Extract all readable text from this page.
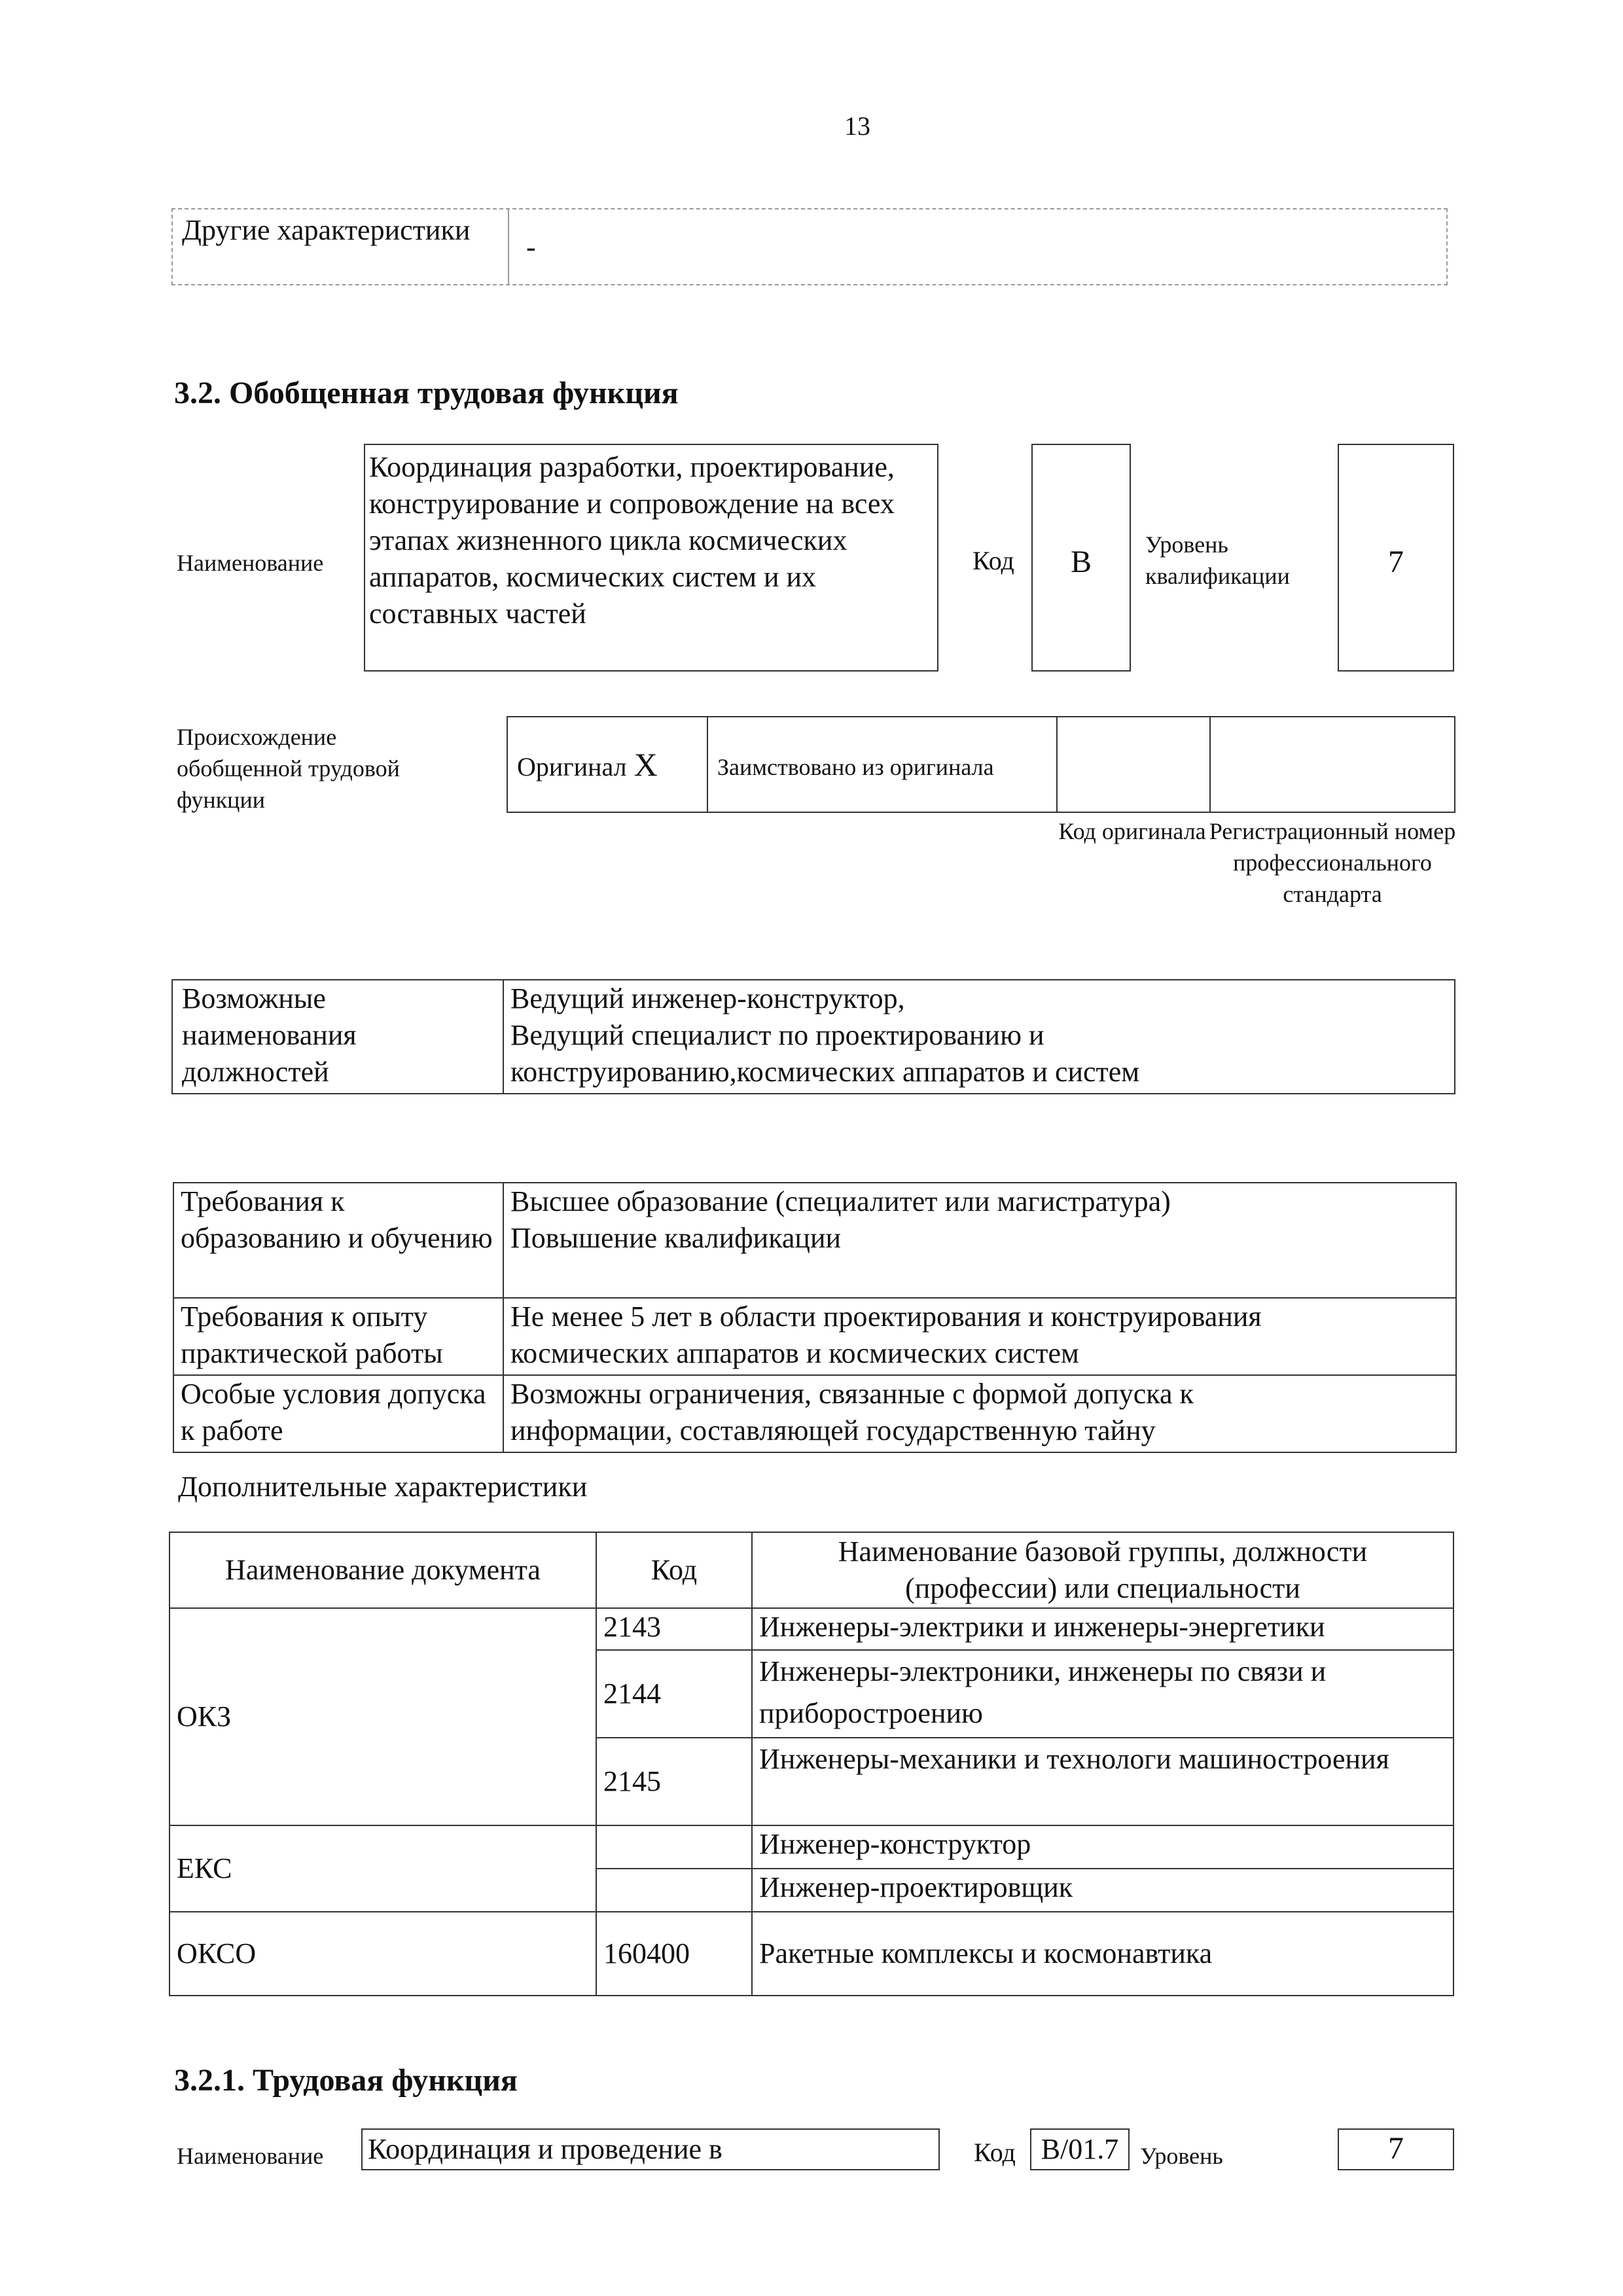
13
Другие характеристики
-
3.2. Обобщенная трудовая функция
Наименование
Координация разработки, проектирование, конструирование и сопровождение на всех этапах жизненного цикла космических аппаратов, космических систем и их составных частей
Код	B	Уровень квалификации	7
Происхождение обобщенной трудовой функции
Оригинал X	Заимствовано из оригинала
Код оригинала Регистрационный номер профессионального стандарта
Возможные наименования должностей
Ведущий инженер-конструктор,
Ведущий специалист по проектированию и
конструированию,космических аппаратов и систем
Требования к образованию и обучению	Высшее образование (специалитет или магистратура)
Повышение квалификации

Требования к опыту практической работы	Не менее 5 лет в области проектирования и конструирования
космических аппаратов и космических систем

Особые условия допуска к работе	Возможны ограничения, связанные с формой допуска к
информации, составляющей государственную тайну
Дополнительные характеристики
Наименование документа	Код	Наименование базовой группы, должности (профессии) или специальности
ОКЗ	2143	Инженеры-электрики и инженеры-энергетики
	2144	Инженеры-электроники, инженеры по связи и приборостроению
	2145	Инженеры-механики и технологи машиностроения
ЕКС		Инженер-конструктор
		Инженер-проектировщик
ОКСО	160400	Ракетные комплексы и космонавтика
3.2.1. Трудовая функция
Наименование Координация и проведение в	Код B/01.7 Уровень	7
